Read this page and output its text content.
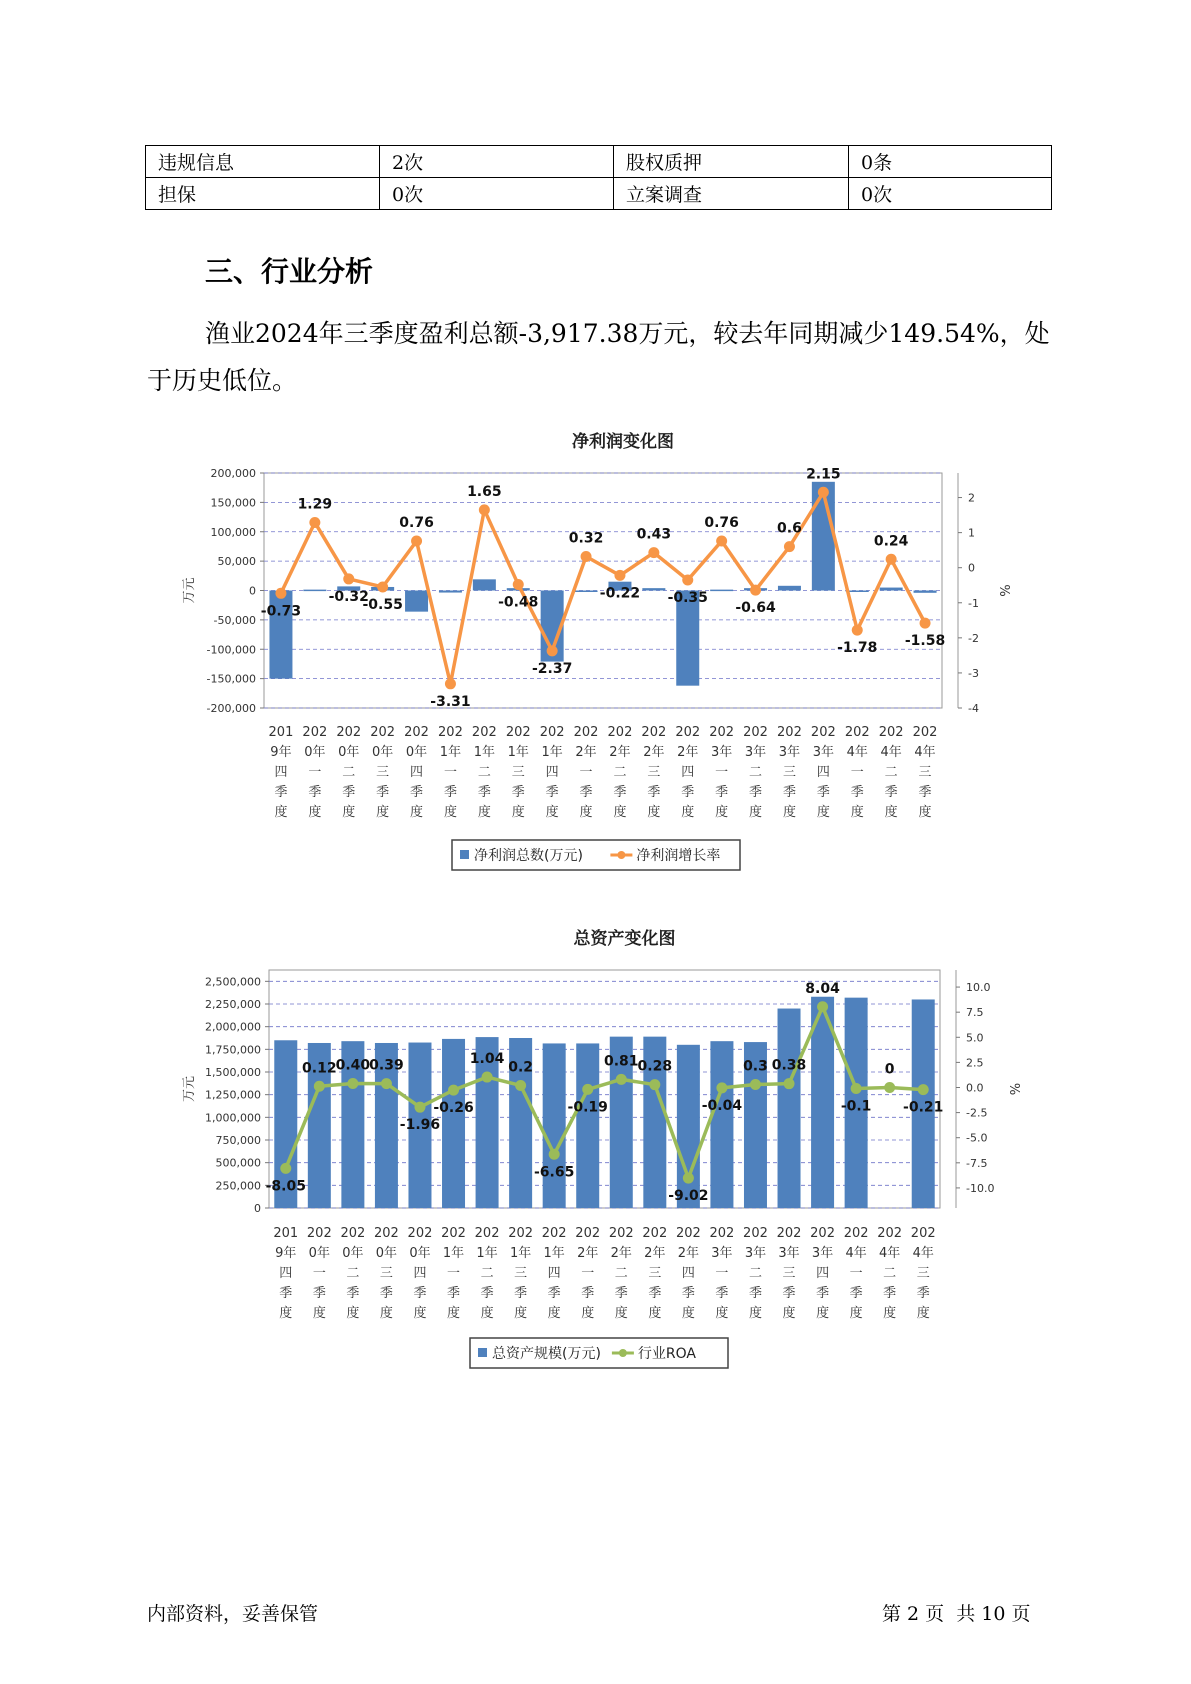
违规信息	2次	股权质押	0条
担保	0次	立案调查	0次
三、行业分析

渔业2024年三季度盈利总额-3,917.38万元，较去年同期减少149.54%，处于历史低位。

净利润变化图
200,000
150,000
100,000
50,000
0
-50,000
-100,000
-150,000
-200,000
2
1
0
-1
-2
-3
-4
万元	%
201 9年四季度
202 0年一季度
202 0年二季度
202 0年三季度
202 0年四季度
202 1年一季度
202 1年二季度
202 1年三季度
202 1年四季度
202 2年一季度
202 2年二季度
202 2年三季度
202 2年四季度
202 3年一季度
202 3年二季度
202 3年三季度
202 3年四季度
202 4年一季度
202 4年二季度
202 4年三季度
-0.73
1.29
-0.32
-0.55
0.76
-3.31
1.65
-0.48
-2.37
0.32
-0.22
0.43
-0.35
0.76
-0.64
0.6
2.15
-1.78
0.24
-1.58
净利润总数(万元)	净利润增长率
总资产变化图
2,500,000
2,250,000
2,000,000
1,750,000
1,500,000
1,250,000
1,000,000
750,000
500,000
250,000
0
10.0
7.5
5.0
2.5
0.0
-2.5
-5.0
-7.5
-10.0
万元	%
201 9年四季度
202 0年一季度
202 0年二季度
202 0年三季度
202 0年四季度
202 1年一季度
202 1年二季度
202 1年三季度
202 1年四季度
202 2年一季度
202 2年二季度
202 2年三季度
202 2年四季度
202 3年一季度
202 3年二季度
202 3年三季度
202 3年四季度
202 4年一季度
202 4年二季度
202 4年三季度
-8.05
0.12 0.40 0.39
-1.96
-0.26
1.04
0.2
-6.65
-0.19
0.81 0.28
-9.02
-0.04
0.3 0.38
8.04
-0.1
0
-0.21
总资产规模(万元)	行业ROA
内部资料，妥善保管	第 2 页  共 10 页
